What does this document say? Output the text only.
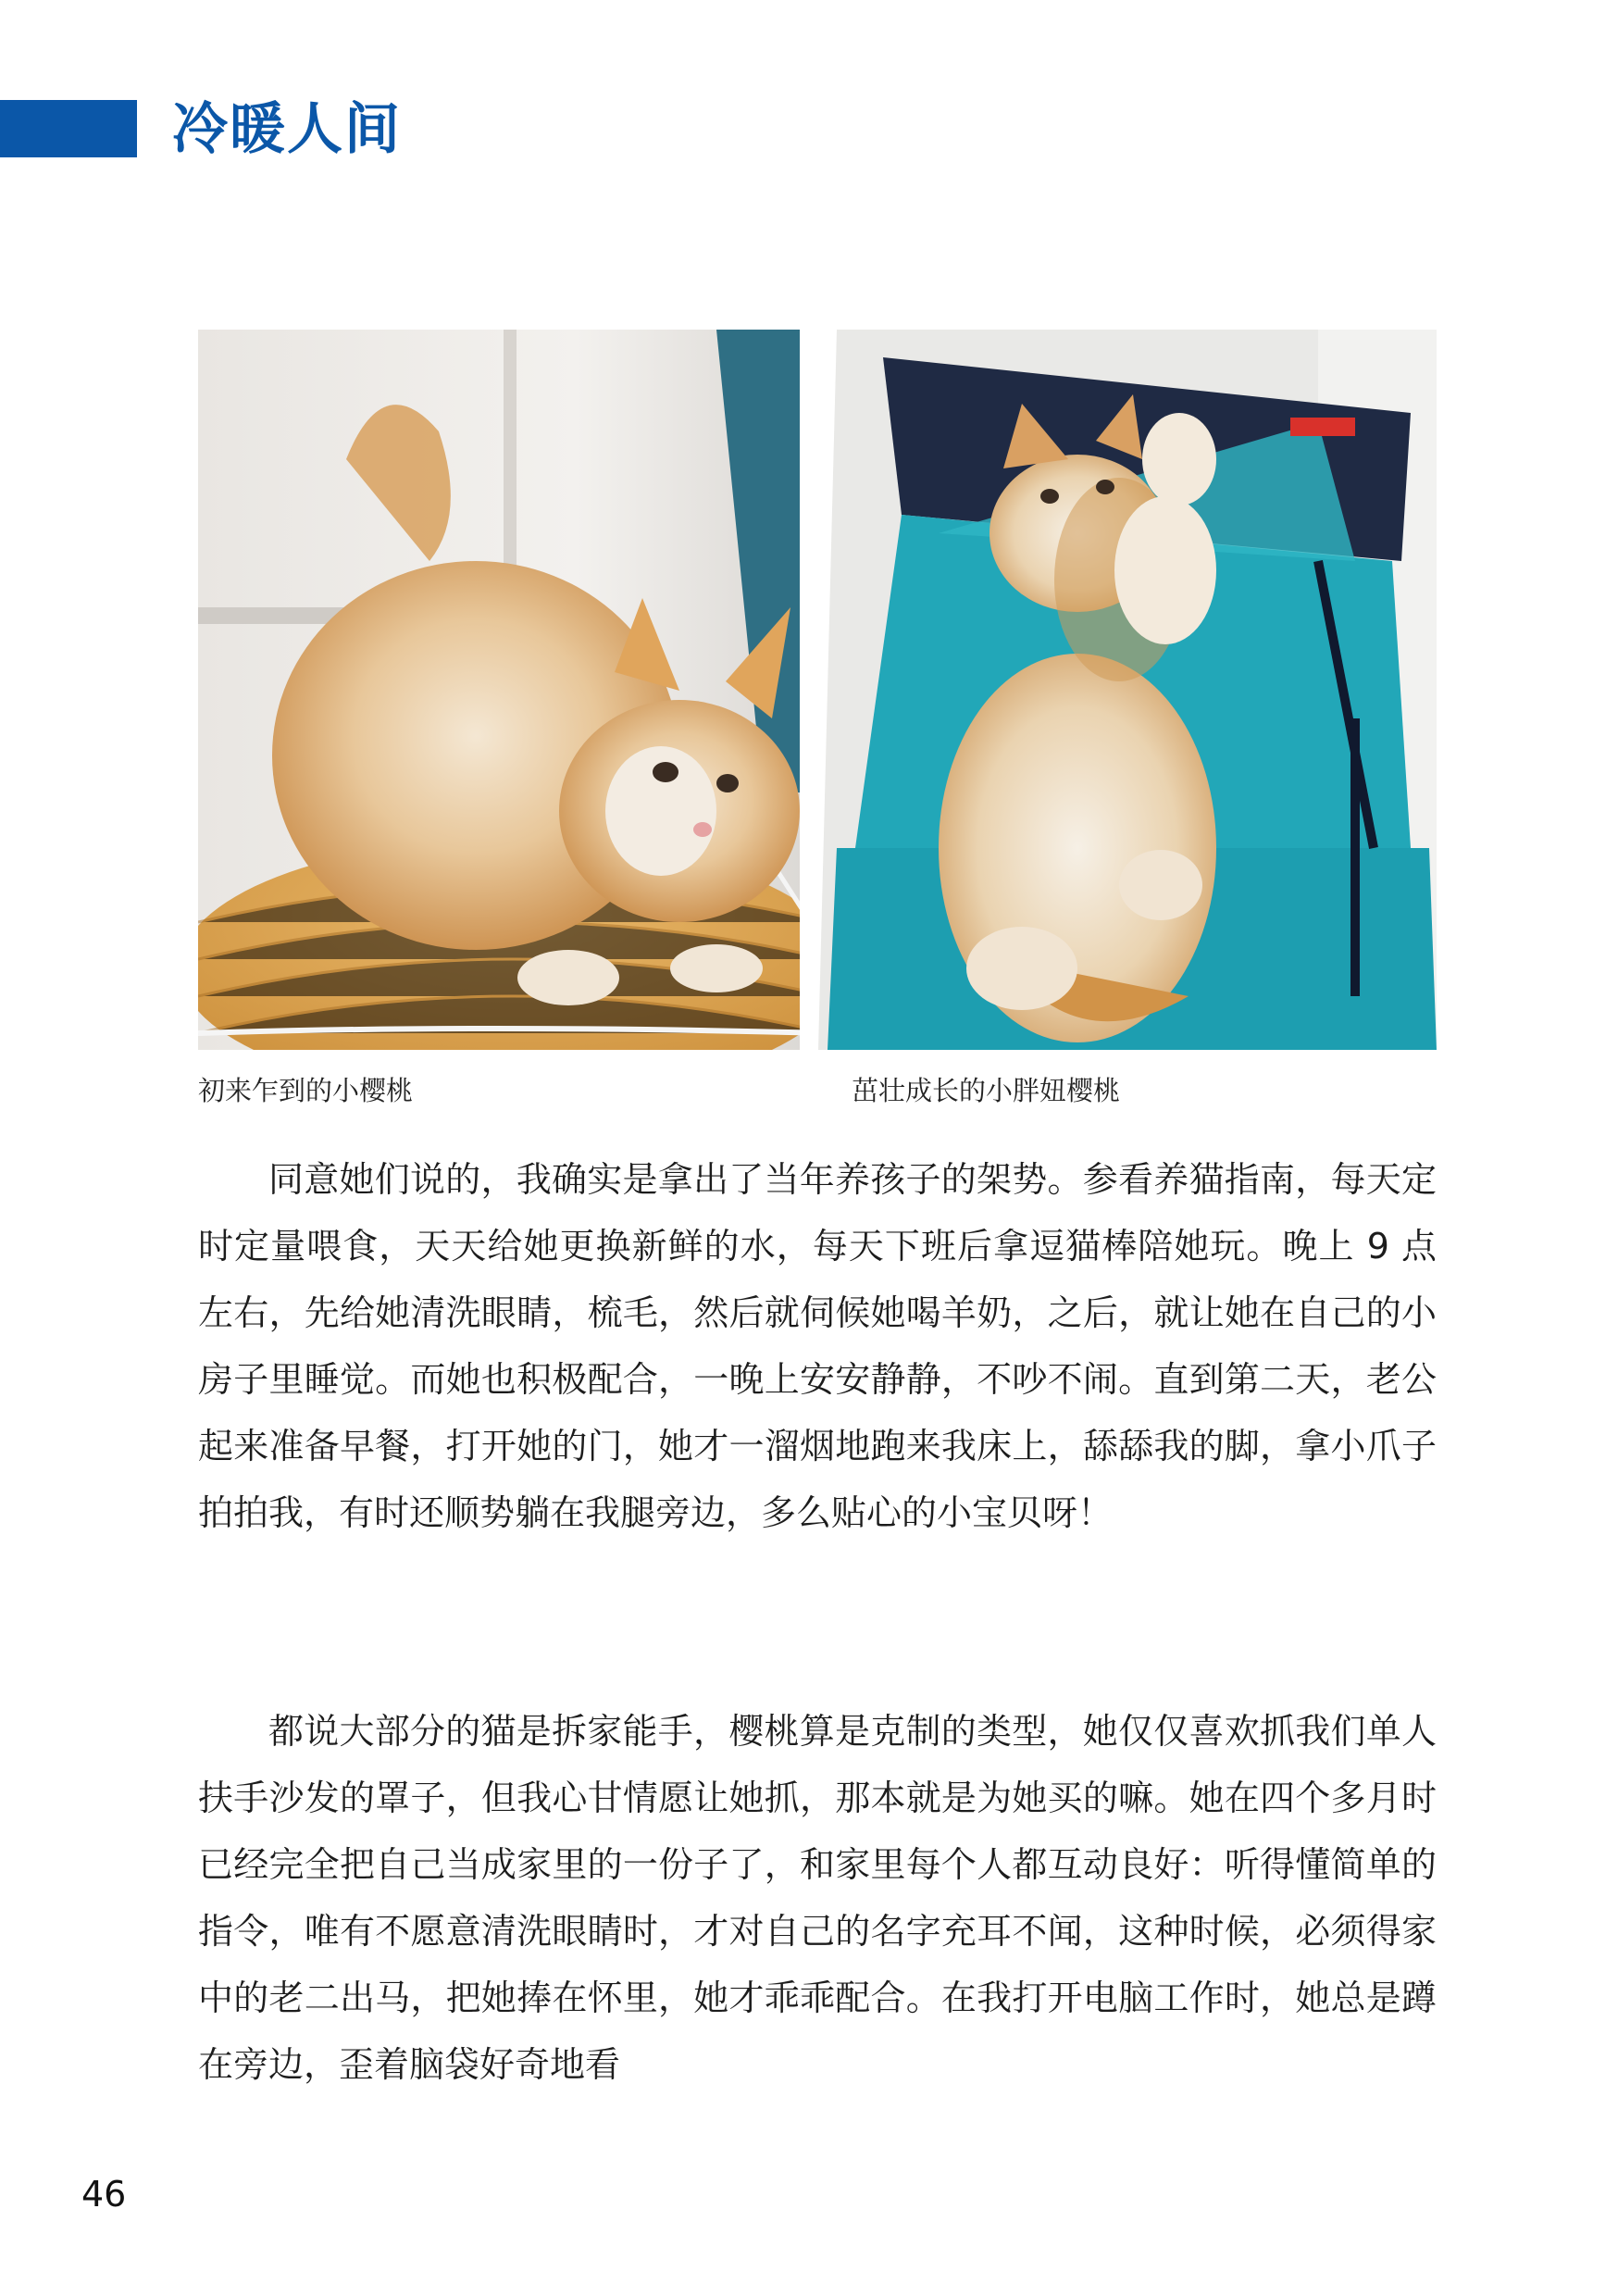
冷暖人间
初来乍到的小樱桃	茁壮成长的小胖妞樱桃

同意她们说的，我确实是拿出了当年养孩子的架势。参看养猫指南，每天定时定量喂食，天天给她更换新鲜的水，每天下班后拿逗猫棒陪她玩。晚上 9 点左右，先给她清洗眼睛，梳毛，然后就伺候她喝羊奶，之后，就让她在自己的小房子里睡觉。而她也积极配合，一晚上安安静静，不吵不闹。直到第二天，老公起来准备早餐，打开她的门，她才一溜烟地跑来我床上，舔舔我的脚，拿小爪子拍拍我，有时还顺势躺在我腿旁边，多么贴心的小宝贝呀！

都说大部分的猫是拆家能手，樱桃算是克制的类型，她仅仅喜欢抓我们单人扶手沙发的罩子，但我心甘情愿让她抓，那本就是为她买的嘛。她在四个多月时已经完全把自己当成家里的一份子了，和家里每个人都互动良好：听得懂简单的指令，唯有不愿意清洗眼睛时，才对自己的名字充耳不闻，这种时候，必须得家中的老二出马，把她捧在怀里，她才乖乖配合。在我打开电脑工作时，她总是蹲在旁边，歪着脑袋好奇地看

46
